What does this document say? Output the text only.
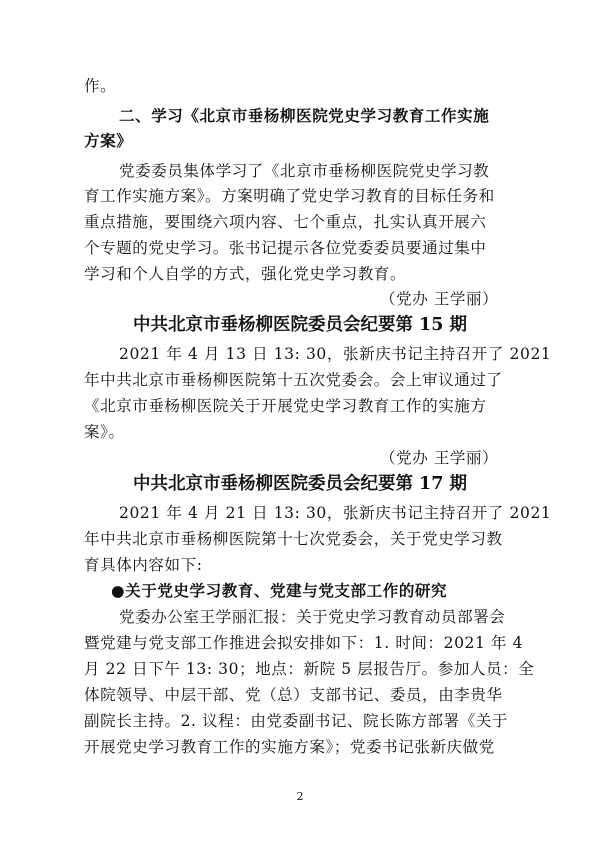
作。
二、学习《北京市垂杨柳医院党史学习教育工作实施
方案》
党委委员集体学习了《北京市垂杨柳医院党史学习教
育工作实施方案》。方案明确了党史学习教育的目标任务和
重点措施，要围绕六项内容、七个重点，扎实认真开展六
个专题的党史学习。张书记提示各位党委委员要通过集中
学习和个人自学的方式，强化党史学习教育。
（党办 王学丽）
中共北京市垂杨柳医院委员会纪要第 15 期
2021 年 4 月 13 日 13: 30，张新庆书记主持召开了 2021
年中共北京市垂杨柳医院第十五次党委会。会上审议通过了
《北京市垂杨柳医院关于开展党史学习教育工作的实施方
案》。
（党办 王学丽）
中共北京市垂杨柳医院委员会纪要第 17 期
2021 年 4 月 21 日 13: 30，张新庆书记主持召开了 2021
年中共北京市垂杨柳医院第十七次党委会，关于党史学习教
育具体内容如下:
●关于党史学习教育、党建与党支部工作的研究
党委办公室王学丽汇报：关于党史学习教育动员部署会
暨党建与党支部工作推进会拟安排如下：1. 时间：2021 年 4
月 22 日下午 13: 30；地点：新院 5 层报告厅。参加人员：全
体院领导、中层干部、党（总）支部书记、委员，由李贵华
副院长主持。2. 议程：由党委副书记、院长陈方部署《关于
开展党史学习教育工作的实施方案》；党委书记张新庆做党
2
